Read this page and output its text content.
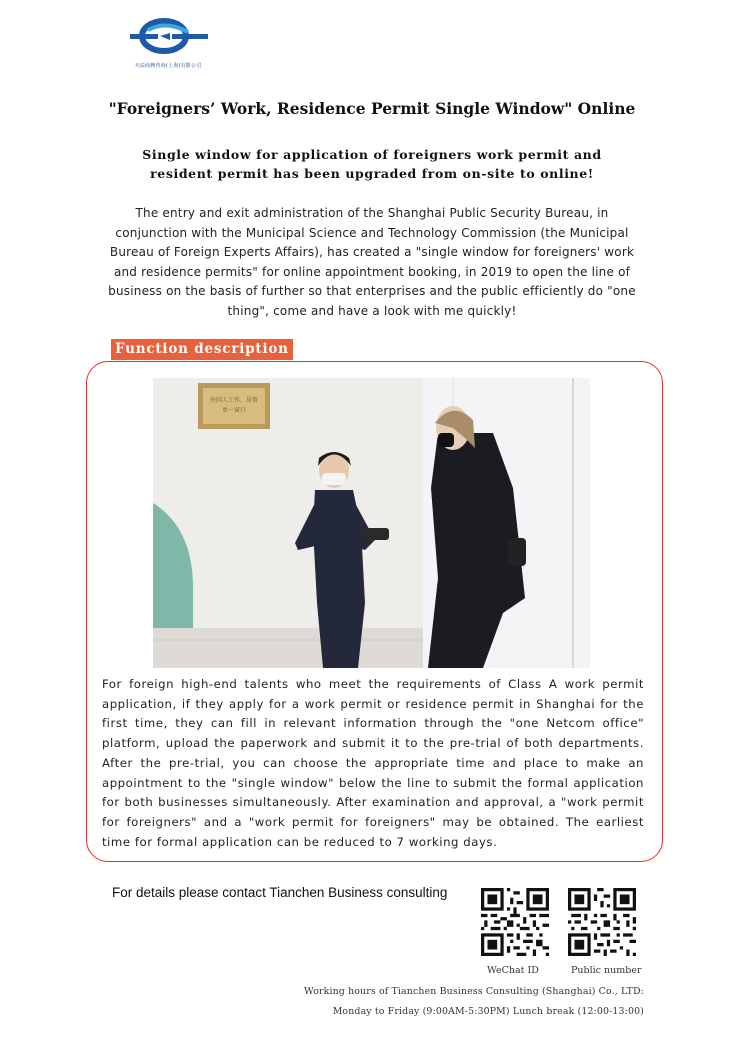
天辰商務咨询(上海)有限公司
"Foreigners’ Work, Residence Permit Single Window" Online
Single window for application of foreigners work permit and resident permit has been upgraded from on-site to online!
The entry and exit administration of the Shanghai Public Security Bureau, in conjunction with the Municipal Science and Technology Commission (the Municipal Bureau of Foreign Experts Affairs), has created a "single window for foreigners' work and residence permits" for online appointment booking, in 2019 to open the line of business on the basis of further so that enterprises and the public efficiently do "one thing", come and have a look with me quickly!
Function description
外国人工作、居留
单一窗口
For foreign high-end talents who meet the requirements of Class A work permit application, if they apply for a work permit or residence permit in Shanghai for the first time, they can fill in relevant information through the "one Netcom office" platform, upload the paperwork and submit it to the pre-trial of both departments. After the pre-trial, you can choose the appropriate time and place to make an appointment to the "single window" below the line to submit the formal application for both businesses simultaneously. After examination and approval, a "work permit for foreigners" and a "work permit for foreigners" may be obtained. The earliest time for formal application can be reduced to 7 working days.
For details please contact Tianchen Business consulting
WeChat ID	Public number
Working hours of Tianchen Business Consulting (Shanghai) Co., LTD:
Monday to Friday (9:00AM-5:30PM) Lunch break (12:00-13:00)
